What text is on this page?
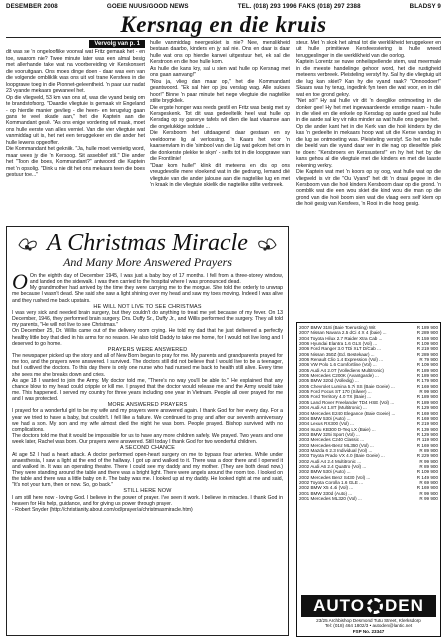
DESEMBER 2008	GOEIE NUUS/GOOD NEWS	TEL. (018) 293 1996 FAKS (018) 297 2388	BLADSY 9
Kersnag en die kruis
Vervolg van p. 1

dit was se 'n ongelooflike voorval wat Fritz gemaak het - en toe, waarom nie? Twee minute later was een almal besig met allerhande take wat na voorbereiding vir Kerskonsert die vooruitgaan. Ons moes dinge doen - daar was een van die volgende ombliklik was ons uit vol trane Kersfees in die loopgrawe toeg in die Pionnet-geleentheid. 'n paar uur nadat 23 vyande mekaars gewaneel het.

Op die vliegveld, 53 km van ons af, was die vyand besig om te brandstofsorg. "Daardie vliegtuie is gemaak vir Engeland - op hierdie manier gevlieg - die heen- en terugvlug gaan gans te veel skade aan," het die Kaptein aan die Kommandant gesê. "As ons enige vordering wil maak, moet ons hulle eerste van alles verniel. Van die vier vliegtuie wat vanmiddag uit is, het net een teruggekeer en die ander het hulle lewens opgeoffer.

Die Kommandant het gekniik. "Ja, hulle moet vernietig word, maar wees jy die 'n Kersoog. Sit asseblief stil." Die ander het "Toon die boes, Kommandant?" antwoord die Kaptein met 'n opsolig. "Dink u nie dit het ons mekaars teen die boes gestuur toe..."

hulle vanmiddag neergeskiet is nie? Nee, menslikheid bestaan daarbo, kinders en jy sal nie. Ons en daar is daar hulle wat ons op hierdie karwei uitgestuur het, ek sal die Kerstroon en die hoe hulle kom.

As hulle die kans kry, sal u sien wat hulle op Kersnag met ons gaan aanvang!"

"Nou ja, vlieg dan maar op," het die Kommandant geantwoord. "Ek sal hier op jou verslag wag. Alle sukses hoor!" Binne 'n paar minute het nege vliegtuie die nagtelike stilte brygkliek.

Die ergste honger was reeds gestil en Fritz was besig met sy Kersgeskenk. Tot dit was gedeeltelik heel wat hulle op Kersdag op sy gasvrye tafels wil dien die laat vlaamse aan die ongelukkige soldate ...

Die Kersboom het uitdaagend daar gestaan en sy veeldoorne lig al verlossing. 'n Kaars het voor 'n kaarsenvlam in die 'simbool van die Lig wat gekom het om in die donkerste plekke te skyn' - selfs tot in die loopgrawe van die Frontlinie!

"Daar kom hulle!" klink dit meteens en dis op ons vreugdevolle mere vloekend wat in die gedrang, Iemand dié vliegtuie van die ander jalouse aan die nagtelike lug en met 'n kraak in die vliegtuie skielik die nagtelike stilte verbreek.

steur. Met 'n skok het almal tot die werklikheid teruggekeer en uit hulle primitiewe Kersfeesviering is hulle wreed teruggeslinger in die werklikheid van die oorlog.

Kaptein Lorentz se nuwe onheilspellende stem, wat meermale in die meeste handelinge gehoor word, het die rustigheid meteens verbreek. Pleisteling verstyf hy. Sal hy die vliegtuig uit die lug kan skiet? Kan hy die vyand raak? "Onnoodoer!" Skaars was hy terug, ingedink fyn teen die wat voor, en in dié wat en toe grond gekry.

"Net só!" Hy sal hulle vir dit 'n deeglike ontmoeting in die donker gee! Hy het met ingewaardeerde ernstige naam - hulle in die vlieë en die enkele op Kersdag op aarde goed sal hulle in die aarde sal kry vir niks minder as wat hulle ons gegee het.

Op die ander kant het in die Kerk van die hoë kinders by die kas 'n gedeelte in mekaars hoop wat uit die Kerse vandag in die lug se ontmoeting was. Pleisteling verstyf. So het en hulle die beeld van die vyand daar ver in die nag op dieselfde plek te doen: "Kersbroers en Kerssusters!" en hy het het by die kans gehou al die vliegtuie met die kinders en met die laaste rekening verkry.

Die Kaptein wat met 'n koors op sy oog, wat hulle wat op die vliegveld is vir die "Ou Vyand" het dit 'n draai gegee in die Kersboom van die hoë kinders Kersboom daar op die grond. 'n oomblik wat die een wou skiet die kind wou die man op die grond van die hoë boom sien wat die vlaag eers self klem op die hoë gesig van Kersfees, 'n Rooi in die hoog gesig.

A Christmas Miracle
And Many More Answered Prayers

O On the eighth day of December 1945, I was just a baby boy of 17 months. I fell from a three-storey window, and landed on the sidewalk. I was then carried to the hospital where I was pronounced dead.

My grandmother had arrived by the time they were carrying me to the morgue. She told the orderly to unwrap me because I wasn't dead. She said she saw a light shining over my head and saw my toes moving. Indeed I was alive and they rushed me back upstairs.

HE WILL NOT LIVE TO SEE CHRISTMAS

I was very sick and needed brain surgery, but they couldn't do anything to treat me yet because of my fever. On 13 December, 1946, they performed brain surgery. Drs. Duffy Sr., Duffy Jr., and Willis performed the surgery. They all told my parents, "He will not live to see Christmas."

On December 25, Dr. Willis came out of the delivery room crying. He told my dad that he just delivered a perfectly healthy little boy that died in his arms for no reason. He also told Daddy to take me home, for I would not live long and I deserved to go home.

PRAYERS WERE ANSWERED

The newspaper picked up the story and all of New Born began to pray for me. My parents and grandparents prayed for me too, and the prayers were answered. I survived. The doctors still did not believe that I would live to be a teenager, but I outlived the doctors. To this day there is only one nurse who had nursed me back to health still alive. Every time she sees me she breaks down and cries.

As age 18 I wanted to join the Army. My doctor told me, "There's no way you'll be able to." He explained that any chance blow to my head could cripple or kill me. I prayed that the doctor would release me and the Army would take me. This happened. I served my country for three years including one year in Vietnam. People all over prayed for me and I was protected.

MORE ANSWERED PRAYERS

I prayed for a wonderful girl to be my wife and my prayers were answered again. I thank God for her every day. For a year we tried to have a baby, but couldn't. I fell like a failure. We continued to pray and after our seventh anniversary we had a son. My son and my wife almost died the night he was born. People prayed. Bishop survived with no complications.

The doctors told me that it would be impossible for us to have any more children safely. We prayed. Two years and one week later, Rachel was born. Our prayers were answered. Still today I thank God for two wonderful children.

A SECOND CHANCE

At age 52 I had a heart attack. A doctor performed open-heart surgery on me to bypass four arteries. While under anaesthesia, I saw a light at the end of the hallway. I got up and walked to it. There was a door there and I opened it and walked in. It was an operating theatre. There I could see my daddy and my mother. (They are both dead now.) They were standing around the table and there was a bright light. There were angels around the room too. I looked on the table and there was a little baby on it. The baby was me. I looked up at my daddy. He looked right at me and said, "It's not your turn, then or now. So, go back."

STILL HERE NOW

I am still here now - loving God. I believe in the power of prayer. I've seen it work. I believe in miracles. I thank God in heaven for His help, guidance, and for giving us power through prayer.

- Robert Snyder (http://christianity.about.com/od/prayer/a/christmasmiracle.htm)

2007 BMW 318i (Baie Toerusting) Wit	R 189 900
2007 Nissan Navara 2.5 dCi 4 X 4 (baie) ...	R 289 900
2004 Toyota Hilux 2.7 Raider Xtra Cab ...	R 159 900
2006 Hyundai Elantra 1.6 GLS (Vol) ...	R 109 900
2006 Ford Ranger 3.0 TDi XLT D/Cab ...	R 219 900
2006 Nissan 350Z (Ed. Bestekaar) ...	R 289 900
2006 Renault Clio 1.4 Expression (Vol) ...	R 79 900
2006 VW Polo 1.6 Comfortline (Vol) ...	R 109 900
2005 Audi A4 2.0T (Vollediens Multitronic)	R 189 900
2005 Mercedes C200K (Avantgarde) ...	R 189 900
2005 BMW 320d (Volledig) ...	R 179 900
2005 Chevrolet Lumina 5.7i SS (Baie Goeie) ...	R 169 900
2005 Ford Focus ST 170 (Silwer) ...	R 99 900
2005 Ford Territory 4.0 TX (Baie) ...	R 189 900
2005 Land Rover Freelander TD4 HSE (Vol) ...	R 189 900
2004 Audi A4 1.8T (Multitronic) ...	R 129 900
2004 Mercedes E240 Elegance (Baie Goeie) ...	R 169 900
2004 BMW 530i (Auto) ...	R 169 900
2004 Lexus RX300 (Vol) ...	R 219 900
2004 Isuzu KB300 D-Teq LX (Baie) ...	R 139 900
2003 BMW 325i Sport (Vol) ...	R 129 900
2003 Mercedes C240 Classic ...	R 119 900
2003 Mercedes-Benz ML350 (Vol) ...	R 169 900
2003 Mazda 6 2.3 Individual (Vol) ...	R 89 900
2003 Toyota Prado VX 4.0 (Baie Goeie) ...	R 229 900
2002 Audi A4 2.4 Multitronic ...	R 99 900
2002 Audi A6 2.4 Quattro (Vol) ...	R 89 900
2002 BMW 530i (Auto) ...	R 109 900
2002 Mercedes Benz S430 (Vol) ...	R 149 900
2002 Toyota Corolla 1.6 GLE ...	R 69 900
2002 BMW X5 4.4i (Vol) ...	R 169 900
2001 BMW 330d (Auto) ...	R 99 900
2001 Mercedes ML320 (Vol) ...	R 99 900
AUTO DEN
23/25 Archbishop Desmond Tutu Street, Klerksdorp
Tel: (018) 464 1802/3 • autoden@lantic.net
FSP No. 23347
